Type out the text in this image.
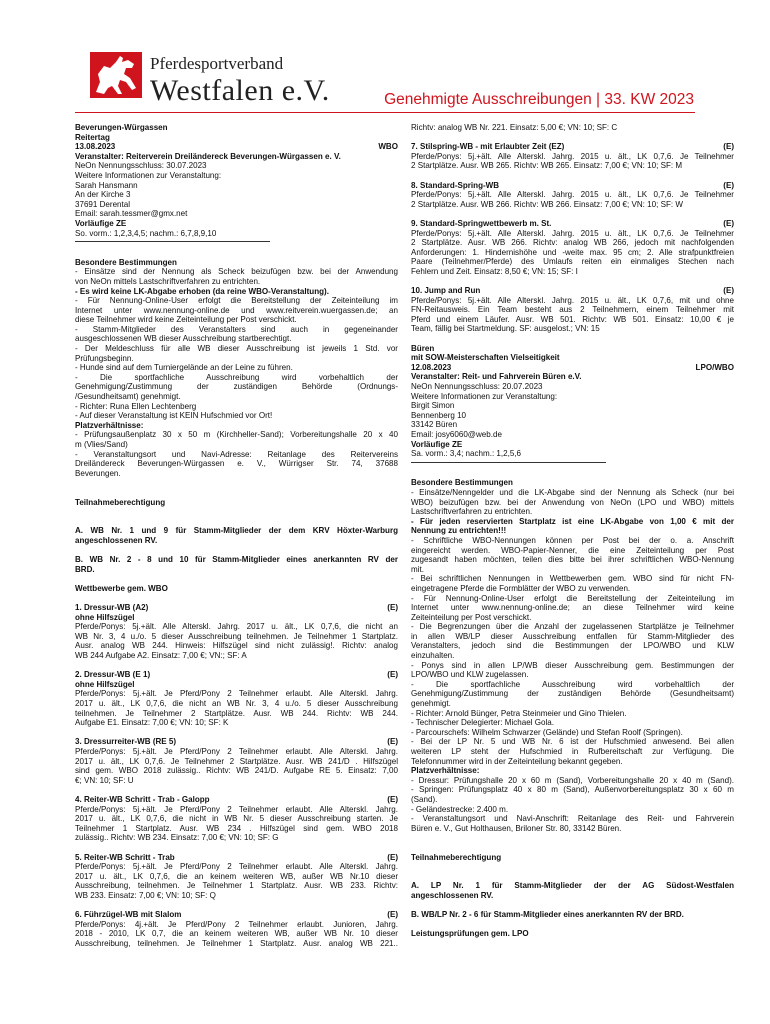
Pferdesportverband
Westfalen e.V.	Genehmigte Ausschreibungen | 33. KW 2023
Beverungen-Würgassen
Reitertag
13.08.2023	WBO
Veranstalter: Reiterverein Dreiländereck Beverungen-Würgassen e. V.
NeOn Nennungsschluss: 30.07.2023
Weitere Informationen zur Veranstaltung:
Sarah Hansmann
An der Kirche 3
37691 Derental
Email: sarah.tessmer@gmx.net
Vorläufige ZE
So. vorm.: 1,2,3,4,5; nachm.: 6,7,8,9,10
Besondere Bestimmungen
- Einsätze sind der Nennung als Scheck beizufügen bzw. bei der Anwendung
von NeOn mittels Lastschriftverfahren zu entrichten.
- Es wird keine LK-Abgabe erhoben (da reine WBO-Veranstaltung).
- Für Nennung-Online-User erfolgt die Bereitstellung der Zeiteinteilung im
Internet unter www.nennung-online.de und www.reitverein.wuergassen.de; an
diese Teilnehmer wird keine Zeiteinteilung per Post verschickt.
- Stamm-Mitglieder des Veranstalters sind auch in gegeneinander
ausgeschlossenen WB dieser Ausschreibung startberechtigt.
- Der Meldeschluss für alle WB dieser Ausschreibung ist jeweils 1 Std. vor
Prüfungsbeginn.
- Hunde sind auf dem Turniergelände an der Leine zu führen.
- Die sportfachliche Ausschreibung wird vorbehaltlich der
Genehmigung/Zustimmung der zuständigen Behörde (Ordnungs-
/Gesundheitsamt) genehmigt.
- Richter: Runa Ellen Lechtenberg
- Auf dieser Veranstaltung ist KEIN Hufschmied vor Ort!
Platzverhältnisse:
- Prüfungsaußenplatz 30 x 50 m (Kirchheller-Sand); Vorbereitungshalle 20 x 40
m (Vlies/Sand)
- Veranstaltungsort und Navi-Adresse: Reitanlage des Reitervereins
Dreiländereck Beverungen-Würgassen e. V., Würrigser Str. 74, 37688
Beverungen.
Teilnahmeberechtigung
A. WB Nr. 1 und 9 für Stamm-Mitglieder der dem KRV Höxter-Warburg
angeschlossenen RV.
B. WB Nr. 2 - 8 und 10 für Stamm-Mitglieder eines anerkannten RV der
BRD.
Wettbewerbe gem. WBO
1. Dressur-WB (A2)	(E)
ohne Hilfszügel
Pferde/Ponys: 5j.+ält. Alle Alterskl. Jahrg. 2017 u. ält., LK 0,7,6, die nicht an
WB Nr. 3, 4 u./o. 5 dieser Ausschreibung teilnehmen. Je Teilnehmer 1 Startplatz.
Ausr. analog WB 244. Hinweis: Hilfszügel sind nicht zulässig!. Richtv: analog
WB 244 Aufgabe A2. Einsatz: 7,00 €; VN:; SF: A
2. Dressur-WB (E 1)	(E)
ohne Hilfszügel
Pferde/Ponys: 5j.+ält. Je Pferd/Pony 2 Teilnehmer erlaubt. Alle Alterskl. Jahrg.
2017 u. ält., LK 0,7,6, die nicht an WB Nr. 3, 4 u./o. 5 dieser Ausschreibung
teilnehmen. Je Teilnehmer 2 Startplätze. Ausr. WB 244. Richtv: WB 244.
Aufgabe E1. Einsatz: 7,00 €; VN: 10; SF: K
3. Dressurreiter-WB (RE 5)	(E)
Pferde/Ponys: 5j.+ält. Je Pferd/Pony 2 Teilnehmer erlaubt. Alle Alterskl. Jahrg.
2017 u. ält., LK 0,7,6. Je Teilnehmer 2 Startplätze. Ausr. WB 241/D . Hilfszügel
sind gem. WBO 2018 zulässig.. Richtv: WB 241/D. Aufgabe RE 5. Einsatz: 7,00
€; VN: 10; SF: U
4. Reiter-WB Schritt - Trab - Galopp	(E)
Pferde/Ponys: 5j.+ält. Je Pferd/Pony 2 Teilnehmer erlaubt. Alle Alterskl. Jahrg.
2017 u. ält., LK 0,7,6, die nicht in WB Nr. 5 dieser Ausschreibung starten. Je
Teilnehmer 1 Startplatz. Ausr. WB 234 . Hilfszügel sind gem. WBO 2018
zulässig.. Richtv: WB 234. Einsatz: 7,00 €; VN: 10; SF: G
5. Reiter-WB Schritt - Trab	(E)
Pferde/Ponys: 5j.+ält. Je Pferd/Pony 2 Teilnehmer erlaubt. Alle Alterskl. Jahrg.
2017 u. ält., LK 0,7,6, die an keinem weiteren WB, außer WB Nr.10 dieser
Ausschreibung, teilnehmen. Je Teilnehmer 1 Startplatz. Ausr. WB 233. Richtv:
WB 233. Einsatz: 7,00 €; VN: 10; SF: Q
6. Führzügel-WB mit Slalom	(E)
Pferde/Ponys: 4j.+ält. Je Pferd/Pony 2 Teilnehmer erlaubt. Junioren, Jahrg.
2018 - 2010, LK 0,7, die an keinem weiteren WB, außer WB Nr. 10 dieser
Ausschreibung, teilnehmen. Je Teilnehmer 1 Startplatz. Ausr. analog WB 221..
Richtv: analog WB Nr. 221. Einsatz: 5,00 €; VN: 10; SF: C
7. Stilspring-WB - mit Erlaubter Zeit (EZ)	(E)
Pferde/Ponys: 5j.+ält. Alle Alterskl. Jahrg. 2015 u. ält., LK 0,7,6. Je Teilnehmer
2 Startplätze. Ausr. WB 265. Richtv: WB 265. Einsatz: 7,00 €; VN: 10; SF: M
8. Standard-Spring-WB	(E)
Pferde/Ponys: 5j.+ält. Alle Alterskl. Jahrg. 2015 u. ält., LK 0,7,6. Je Teilnehmer
2 Startplätze. Ausr. WB 266. Richtv: WB 266. Einsatz: 7,00 €; VN: 10; SF: W
9. Standard-Springwettbewerb m. St.	(E)
Pferde/Ponys: 5j.+ält. Alle Alterskl. Jahrg. 2015 u. ält., LK 0,7,6. Je Teilnehmer
2 Startplätze. Ausr. WB 266. Richtv: analog WB 266, jedoch mit nachfolgenden
Anforderungen: 1. Hindernishöhe und -weite max. 95 cm; 2. Alle strafpunktfreien
Paare (Teilnehmer/Pferde) des Umlaufs reiten ein einmaliges Stechen nach
Fehlern und Zeit. Einsatz: 8,50 €; VN: 15; SF: I
10. Jump and Run	(E)
Pferde/Ponys: 5j.+ält. Alle Alterskl. Jahrg. 2015 u. ält., LK 0,7,6, mit und ohne
FN-Reitausweis. Ein Team besteht aus 2 Teilnehmern, einem Teilnehmer mit
Pferd und einem Läufer. Ausr. WB 501. Richtv: WB 501. Einsatz: 10,00 € je
Team, fällig bei Startmeldung. SF: ausgelost.; VN: 15
Büren
mit SOW-Meisterschaften Vielseitigkeit
12.08.2023	LPO/WBO
Veranstalter: Reit- und Fahrverein Büren e.V.
NeOn Nennungsschluss: 20.07.2023
Weitere Informationen zur Veranstaltung:
Birgit Simon
Bennenberg 10
33142 Büren
Email: josy6060@web.de
Vorläufige ZE
Sa. vorm.: 3,4; nachm.: 1,2,5,6
Besondere Bestimmungen
- Einsätze/Nenngelder und die LK-Abgabe sind der Nennung als Scheck (nur bei
WBO) beizufügen bzw. bei der Anwendung von NeOn (LPO und WBO) mittels
Lastschriftverfahren zu entrichten.
- Für jeden reservierten Startplatz ist eine LK-Abgabe von 1,00 € mit der
Nennung zu entrichten!!!
- Schriftliche WBO-Nennungen können per Post bei der o. a. Anschrift
eingereicht werden. WBO-Papier-Nenner, die eine Zeiteinteilung per Post
zugesandt haben möchten, teilen dies bitte bei ihrer schriftlichen WBO-Nennung
mit.
- Bei schriftlichen Nennungen in Wettbewerben gem. WBO sind für nicht FN-
eingetragene Pferde die Formblätter der WBO zu verwenden.
- Für Nennung-Online-User erfolgt die Bereitstellung der Zeiteinteilung im
Internet unter www.nennung-online.de; an diese Teilnehmer wird keine
Zeiteinteilung per Post verschickt.
- Die Begrenzungen über die Anzahl der zugelassenen Startplätze je Teilnehmer
in allen WB/LP dieser Ausschreibung entfallen für Stamm-Mitglieder des
Veranstalters, jedoch sind die Bestimmungen der LPO/WBO und KLW
einzuhalten.
- Ponys sind in allen LP/WB dieser Ausschreibung gem. Bestimmungen der
LPO/WBO und KLW zugelassen.
- Die sportfachliche Ausschreibung wird vorbehaltlich der
Genehmigung/Zustimmung der zuständigen Behörde (Gesundheitsamt)
genehmigt.
- Richter: Arnold Bünger, Petra Steinmeier und Gino Thielen.
- Technischer Delegierter: Michael Gola.
- Parcourschefs: Wilhelm Schwarzer (Gelände) und Stefan Roolf (Springen).
- Bei der LP Nr. 5 und WB Nr. 6 ist der Hufschmied anwesend. Bei allen
weiteren LP steht der Hufschmied in Rufbereitschaft zur Verfügung. Die
Telefonnummer wird in der Zeiteinteilung bekannt gegeben.
Platzverhältnisse:
- Dressur: Prüfungshalle 20 x 60 m (Sand), Vorbereitungshalle 20 x 40 m (Sand).
- Springen: Prüfungsplatz 40 x 80 m (Sand), Außenvorbereitungsplatz 30 x 60 m
(Sand).
- Geländestrecke: 2.400 m.
- Veranstaltungsort und Navi-Anschrift: Reitanlage des Reit- und Fahrverein
Büren e. V., Gut Holthausen, Briloner Str. 80, 33142 Büren.
Teilnahmeberechtigung
A. LP Nr. 1 für Stamm-Mitglieder der der AG Südost-Westfalen
angeschlossenen RV.
B. WB/LP Nr. 2 - 6 für Stamm-Mitglieder eines anerkannten RV der BRD.
Leistungsprüfungen gem. LPO
